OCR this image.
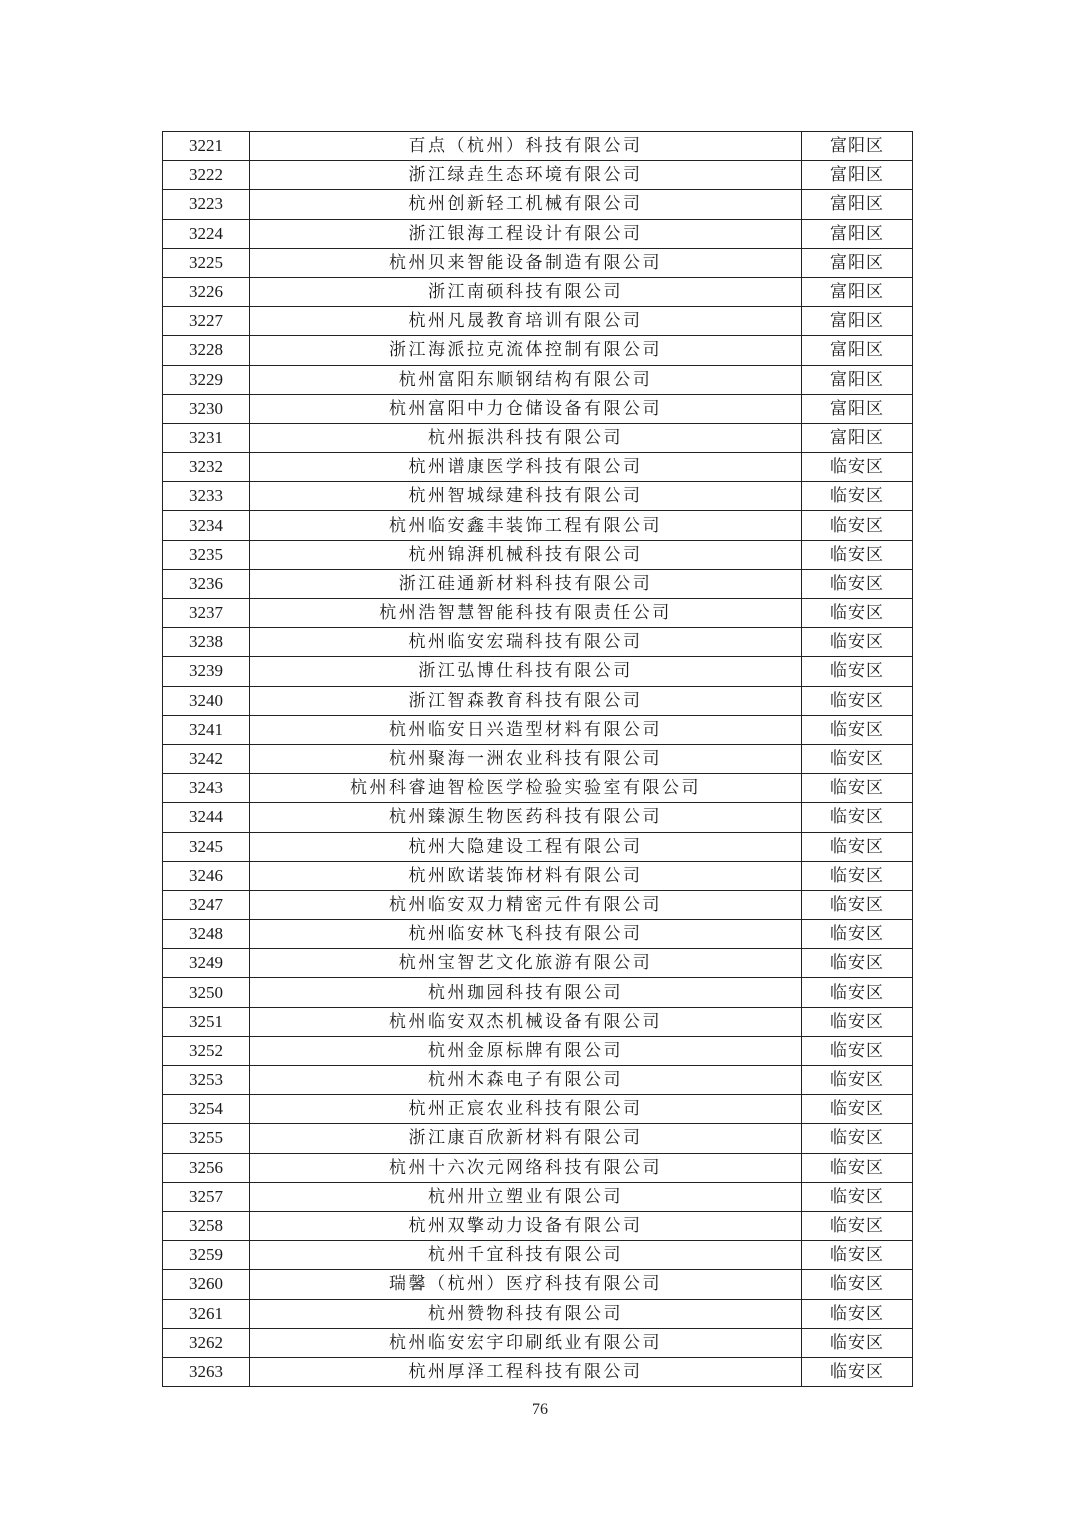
3221	百点（杭州）科技有限公司	富阳区
3222	浙江绿垚生态环境有限公司	富阳区
3223	杭州创新轻工机械有限公司	富阳区
3224	浙江银海工程设计有限公司	富阳区
3225	杭州贝来智能设备制造有限公司	富阳区
3226	浙江南硕科技有限公司	富阳区
3227	杭州凡晟教育培训有限公司	富阳区
3228	浙江海派拉克流体控制有限公司	富阳区
3229	杭州富阳东顺钢结构有限公司	富阳区
3230	杭州富阳中力仓储设备有限公司	富阳区
3231	杭州振洪科技有限公司	富阳区
3232	杭州谱康医学科技有限公司	临安区
3233	杭州智城绿建科技有限公司	临安区
3234	杭州临安鑫丰装饰工程有限公司	临安区
3235	杭州锦湃机械科技有限公司	临安区
3236	浙江硅通新材料科技有限公司	临安区
3237	杭州浩智慧智能科技有限责任公司	临安区
3238	杭州临安宏瑞科技有限公司	临安区
3239	浙江弘博仕科技有限公司	临安区
3240	浙江智森教育科技有限公司	临安区
3241	杭州临安日兴造型材料有限公司	临安区
3242	杭州聚海一洲农业科技有限公司	临安区
3243	杭州科睿迪智检医学检验实验室有限公司	临安区
3244	杭州臻源生物医药科技有限公司	临安区
3245	杭州大隐建设工程有限公司	临安区
3246	杭州欧诺装饰材料有限公司	临安区
3247	杭州临安双力精密元件有限公司	临安区
3248	杭州临安林飞科技有限公司	临安区
3249	杭州宝智艺文化旅游有限公司	临安区
3250	杭州珈园科技有限公司	临安区
3251	杭州临安双杰机械设备有限公司	临安区
3252	杭州金原标牌有限公司	临安区
3253	杭州木森电子有限公司	临安区
3254	杭州正宸农业科技有限公司	临安区
3255	浙江康百欣新材料有限公司	临安区
3256	杭州十六次元网络科技有限公司	临安区
3257	杭州卅立塑业有限公司	临安区
3258	杭州双擎动力设备有限公司	临安区
3259	杭州千宜科技有限公司	临安区
3260	瑞馨（杭州）医疗科技有限公司	临安区
3261	杭州赞物科技有限公司	临安区
3262	杭州临安宏宇印刷纸业有限公司	临安区
3263	杭州厚泽工程科技有限公司	临安区
76
